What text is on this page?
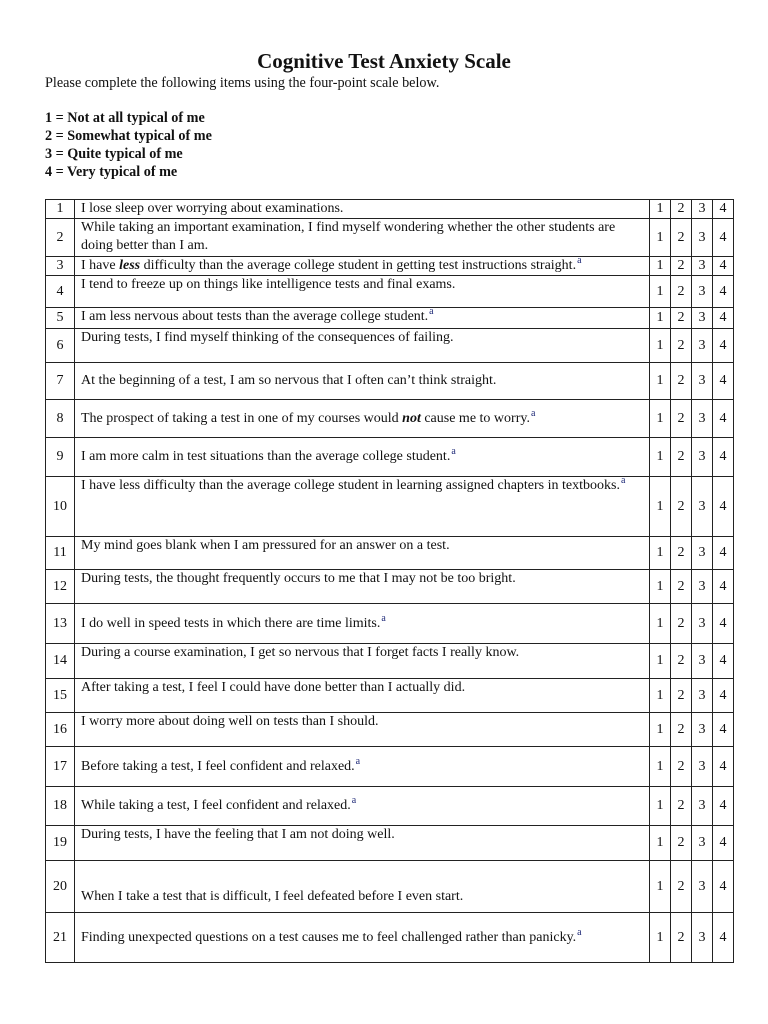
Cognitive Test Anxiety Scale
Please complete the following items using the four-point scale below.
1 = Not at all typical of me
2 = Somewhat typical of me
3 = Quite typical of me
4 = Very typical of me
1	I lose sleep over worrying about examinations.	1	2	3	4
2	While taking an important examination, I find myself wondering whether the other students are doing better than I am.	1	2	3	4
3	I have less difficulty than the average college student in getting test instructions straight.$^a$	1	2	3	4
4	I tend to freeze up on things like intelligence tests and final exams.	1	2	3	4
5	I am less nervous about tests than the average college student.$^a$	1	2	3	4
6	During tests, I find myself thinking of the consequences of failing.	1	2	3	4
7	At the beginning of a test, I am so nervous that I often can’t think straight.	1	2	3	4
8	The prospect of taking a test in one of my courses would not cause me to worry.$^a$	1	2	3	4
9	I am more calm in test situations than the average college student.$^a$	1	2	3	4
10	I have less difficulty than the average college student in learning assigned chapters in textbooks.$^a$	1	2	3	4
11	My mind goes blank when I am pressured for an answer on a test.	1	2	3	4
12	During tests, the thought frequently occurs to me that I may not be too bright.	1	2	3	4
13	I do well in speed tests in which there are time limits.$^a$	1	2	3	4
14	During a course examination, I get so nervous that I forget facts I really know.	1	2	3	4
15	After taking a test, I feel I could have done better than I actually did.	1	2	3	4
16	I worry more about doing well on tests than I should.	1	2	3	4
17	Before taking a test, I feel confident and relaxed.$^a$	1	2	3	4
18	While taking a test, I feel confident and relaxed.$^a$	1	2	3	4
19	During tests, I have the feeling that I am not doing well.	1	2	3	4
20	When I take a test that is difficult, I feel defeated before I even start.	1	2	3	4
21	Finding unexpected questions on a test causes me to feel challenged rather than panicky.$^a$	1	2	3	4
